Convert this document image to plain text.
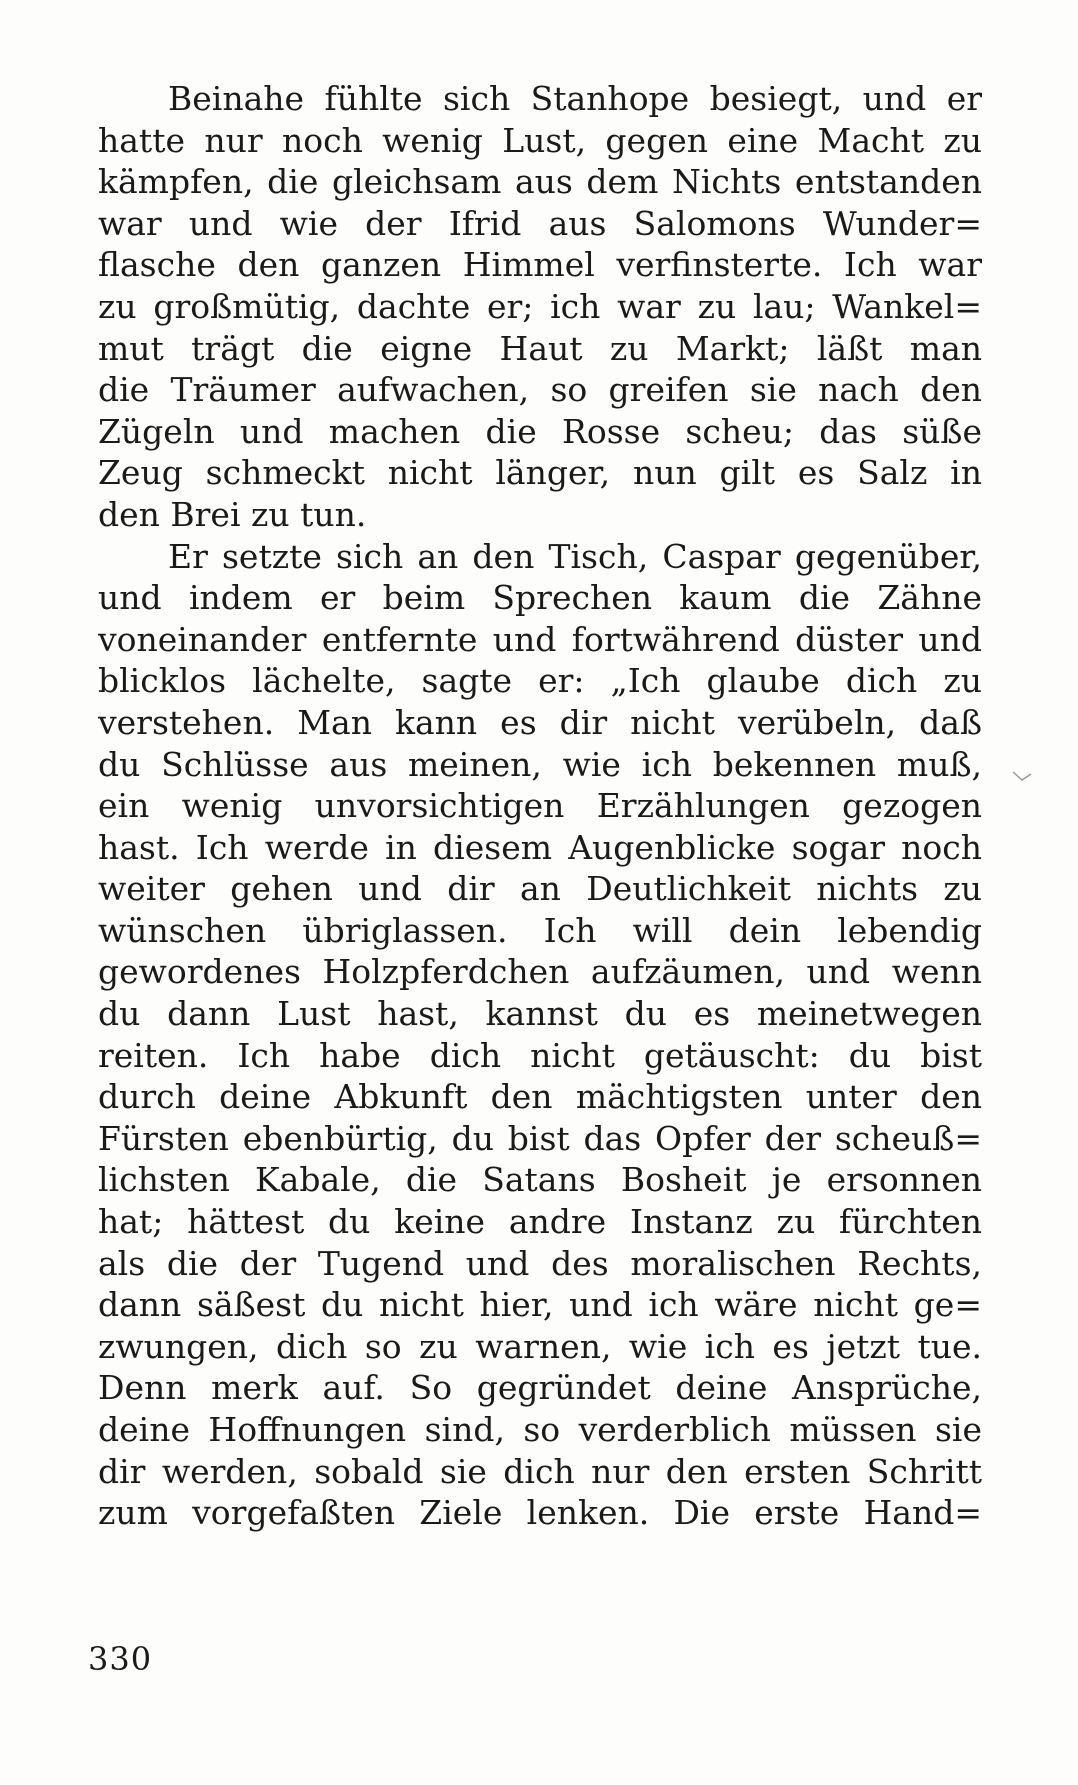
Beinahe fühlte sich Stanhope besiegt, und er
hatte nur noch wenig Lust, gegen eine Macht zu
kämpfen, die gleichsam aus dem Nichts entstanden
war und wie der Ifrid aus Salomons Wunder=
flasche den ganzen Himmel verfinsterte. Ich war
zu großmütig, dachte er; ich war zu lau; Wankel=
mut trägt die eigne Haut zu Markt; läßt man
die Träumer aufwachen, so greifen sie nach den
Zügeln und machen die Rosse scheu; das süße
Zeug schmeckt nicht länger, nun gilt es Salz in
den Brei zu tun.
Er setzte sich an den Tisch, Caspar gegenüber,
und indem er beim Sprechen kaum die Zähne
voneinander entfernte und fortwährend düster und
blicklos lächelte, sagte er: „Ich glaube dich zu
verstehen. Man kann es dir nicht verübeln, daß
du Schlüsse aus meinen, wie ich bekennen muß,
ein wenig unvorsichtigen Erzählungen gezogen
hast. Ich werde in diesem Augenblicke sogar noch
weiter gehen und dir an Deutlichkeit nichts zu
wünschen übriglassen. Ich will dein lebendig
gewordenes Holzpferdchen aufzäumen, und wenn
du dann Lust hast, kannst du es meinetwegen
reiten. Ich habe dich nicht getäuscht: du bist
durch deine Abkunft den mächtigsten unter den
Fürsten ebenbürtig, du bist das Opfer der scheuß=
lichsten Kabale, die Satans Bosheit je ersonnen
hat; hättest du keine andre Instanz zu fürchten
als die der Tugend und des moralischen Rechts,
dann säßest du nicht hier, und ich wäre nicht ge=
zwungen, dich so zu warnen, wie ich es jetzt tue.
Denn merk auf. So gegründet deine Ansprüche,
deine Hoffnungen sind, so verderblich müssen sie
dir werden, sobald sie dich nur den ersten Schritt
zum vorgefaßten Ziele lenken. Die erste Hand=
330
